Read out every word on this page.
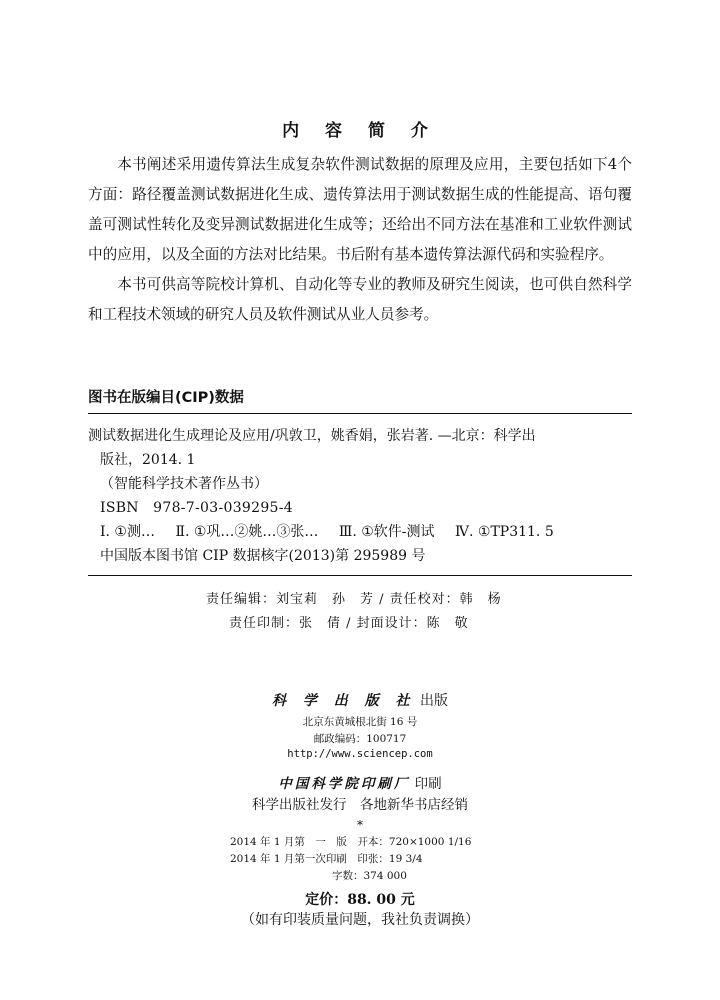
内 容 简 介

本书阐述采用遗传算法生成复杂软件测试数据的原理及应用，主要包括如下4个方面：路径覆盖测试数据进化生成、遗传算法用于测试数据生成的性能提高、语句覆盖可测试性转化及变异测试数据进化生成等；还给出不同方法在基准和工业软件测试中的应用，以及全面的方法对比结果。书后附有基本遗传算法源代码和实验程序。

本书可供高等院校计算机、自动化等专业的教师及研究生阅读，也可供自然科学和工程技术领域的研究人员及软件测试从业人员参考。

图书在版编目(CIP)数据
测试数据进化生成理论及应用/巩敦卫，姚香娟，张岩著. —北京：科学出
版社，2014. 1
（智能科学技术著作丛书）
ISBN　978-7-03-039295-4
Ⅰ. ①测… Ⅱ. ①巩…②姚…③张… Ⅲ. ①软件-测试 Ⅳ. ①TP311. 5
中国版本图书馆 CIP 数据核字(2013)第 295989 号
责任编辑：刘宝莉　孙　芳 / 责任校对：韩　杨
责任印制：张　倩 / 封面设计：陈　敬
科 学 出 版 社 出版
北京东黄城根北街 16 号
邮政编码：100717
http://www.sciencep.com
中国科学院印刷厂 印刷
科学出版社发行　各地新华书店经销
*
2014 年 1 月第　一　版　开本：720×1000 1/16
2014 年 1 月第一次印刷　印张：19 3/4
字数：374 000
定价：88. 00 元
（如有印装质量问题，我社负责调换）
